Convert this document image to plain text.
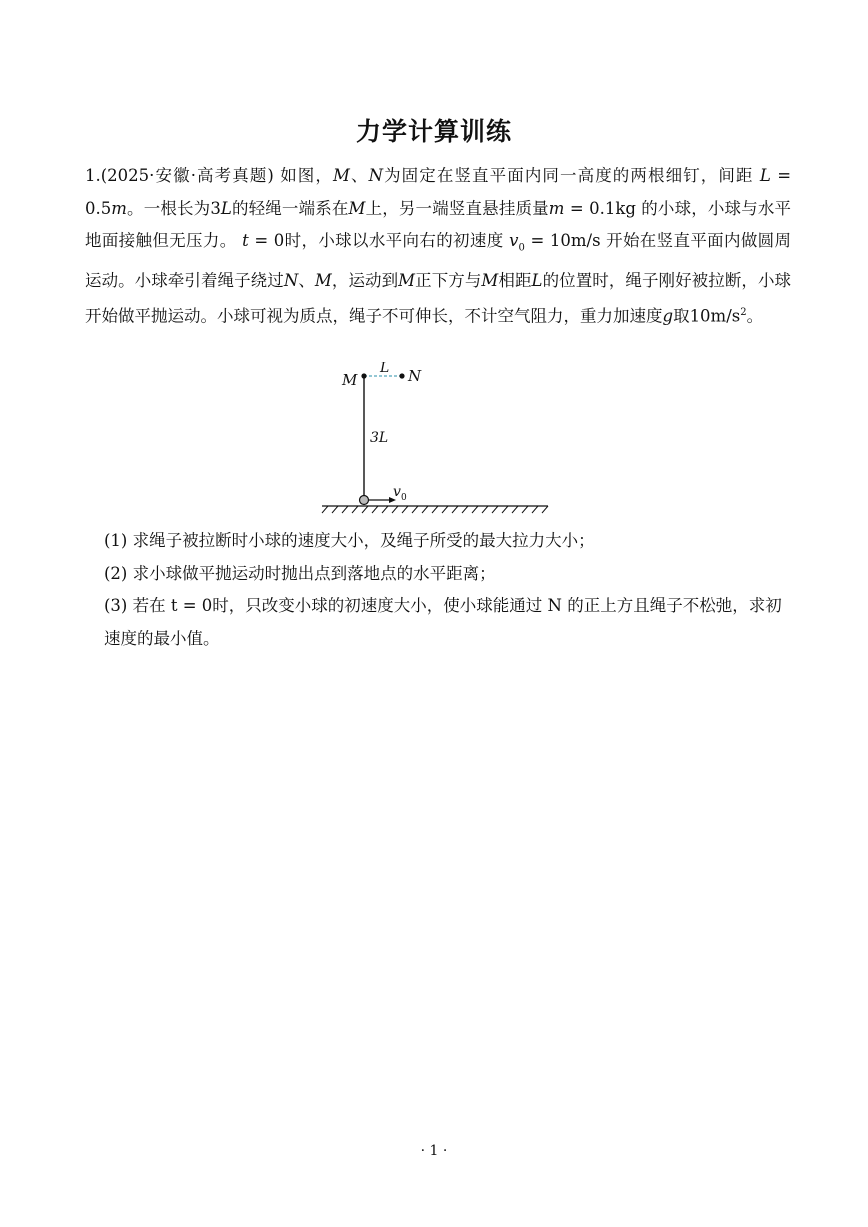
力学计算训练
1.(2025·安徽·高考真题) 如图，M、N为固定在竖直平面内同一高度的两根细钉，间距 L = 0.5m。一根长为3L的轻绳一端系在M上，另一端竖直悬挂质量m = 0.1kg 的小球，小球与水平地面接触但无压力。 t = 0时，小球以水平向右的初速度 $v_0 = 10m/s$ 开始在竖直平面内做圆周运动。小球牵引着绳子绕过N、M，运动到M正下方与M相距L的位置时，绳子刚好被拉断，小球开始做平抛运动。小球可视为质点，绳子不可伸长，不计空气阻力，重力加速度g取$10m/s^2$。
M	N
L
3L
v 0

(1) 求绳子被拉断时小球的速度大小，及绳子所受的最大拉力大小；

(2) 求小球做平抛运动时抛出点到落地点的水平距离；

(3) 若在 t = 0时，只改变小球的初速度大小，使小球能通过 N 的正上方且绳子不松弛，求初速度的最小值。

· 1 ·
